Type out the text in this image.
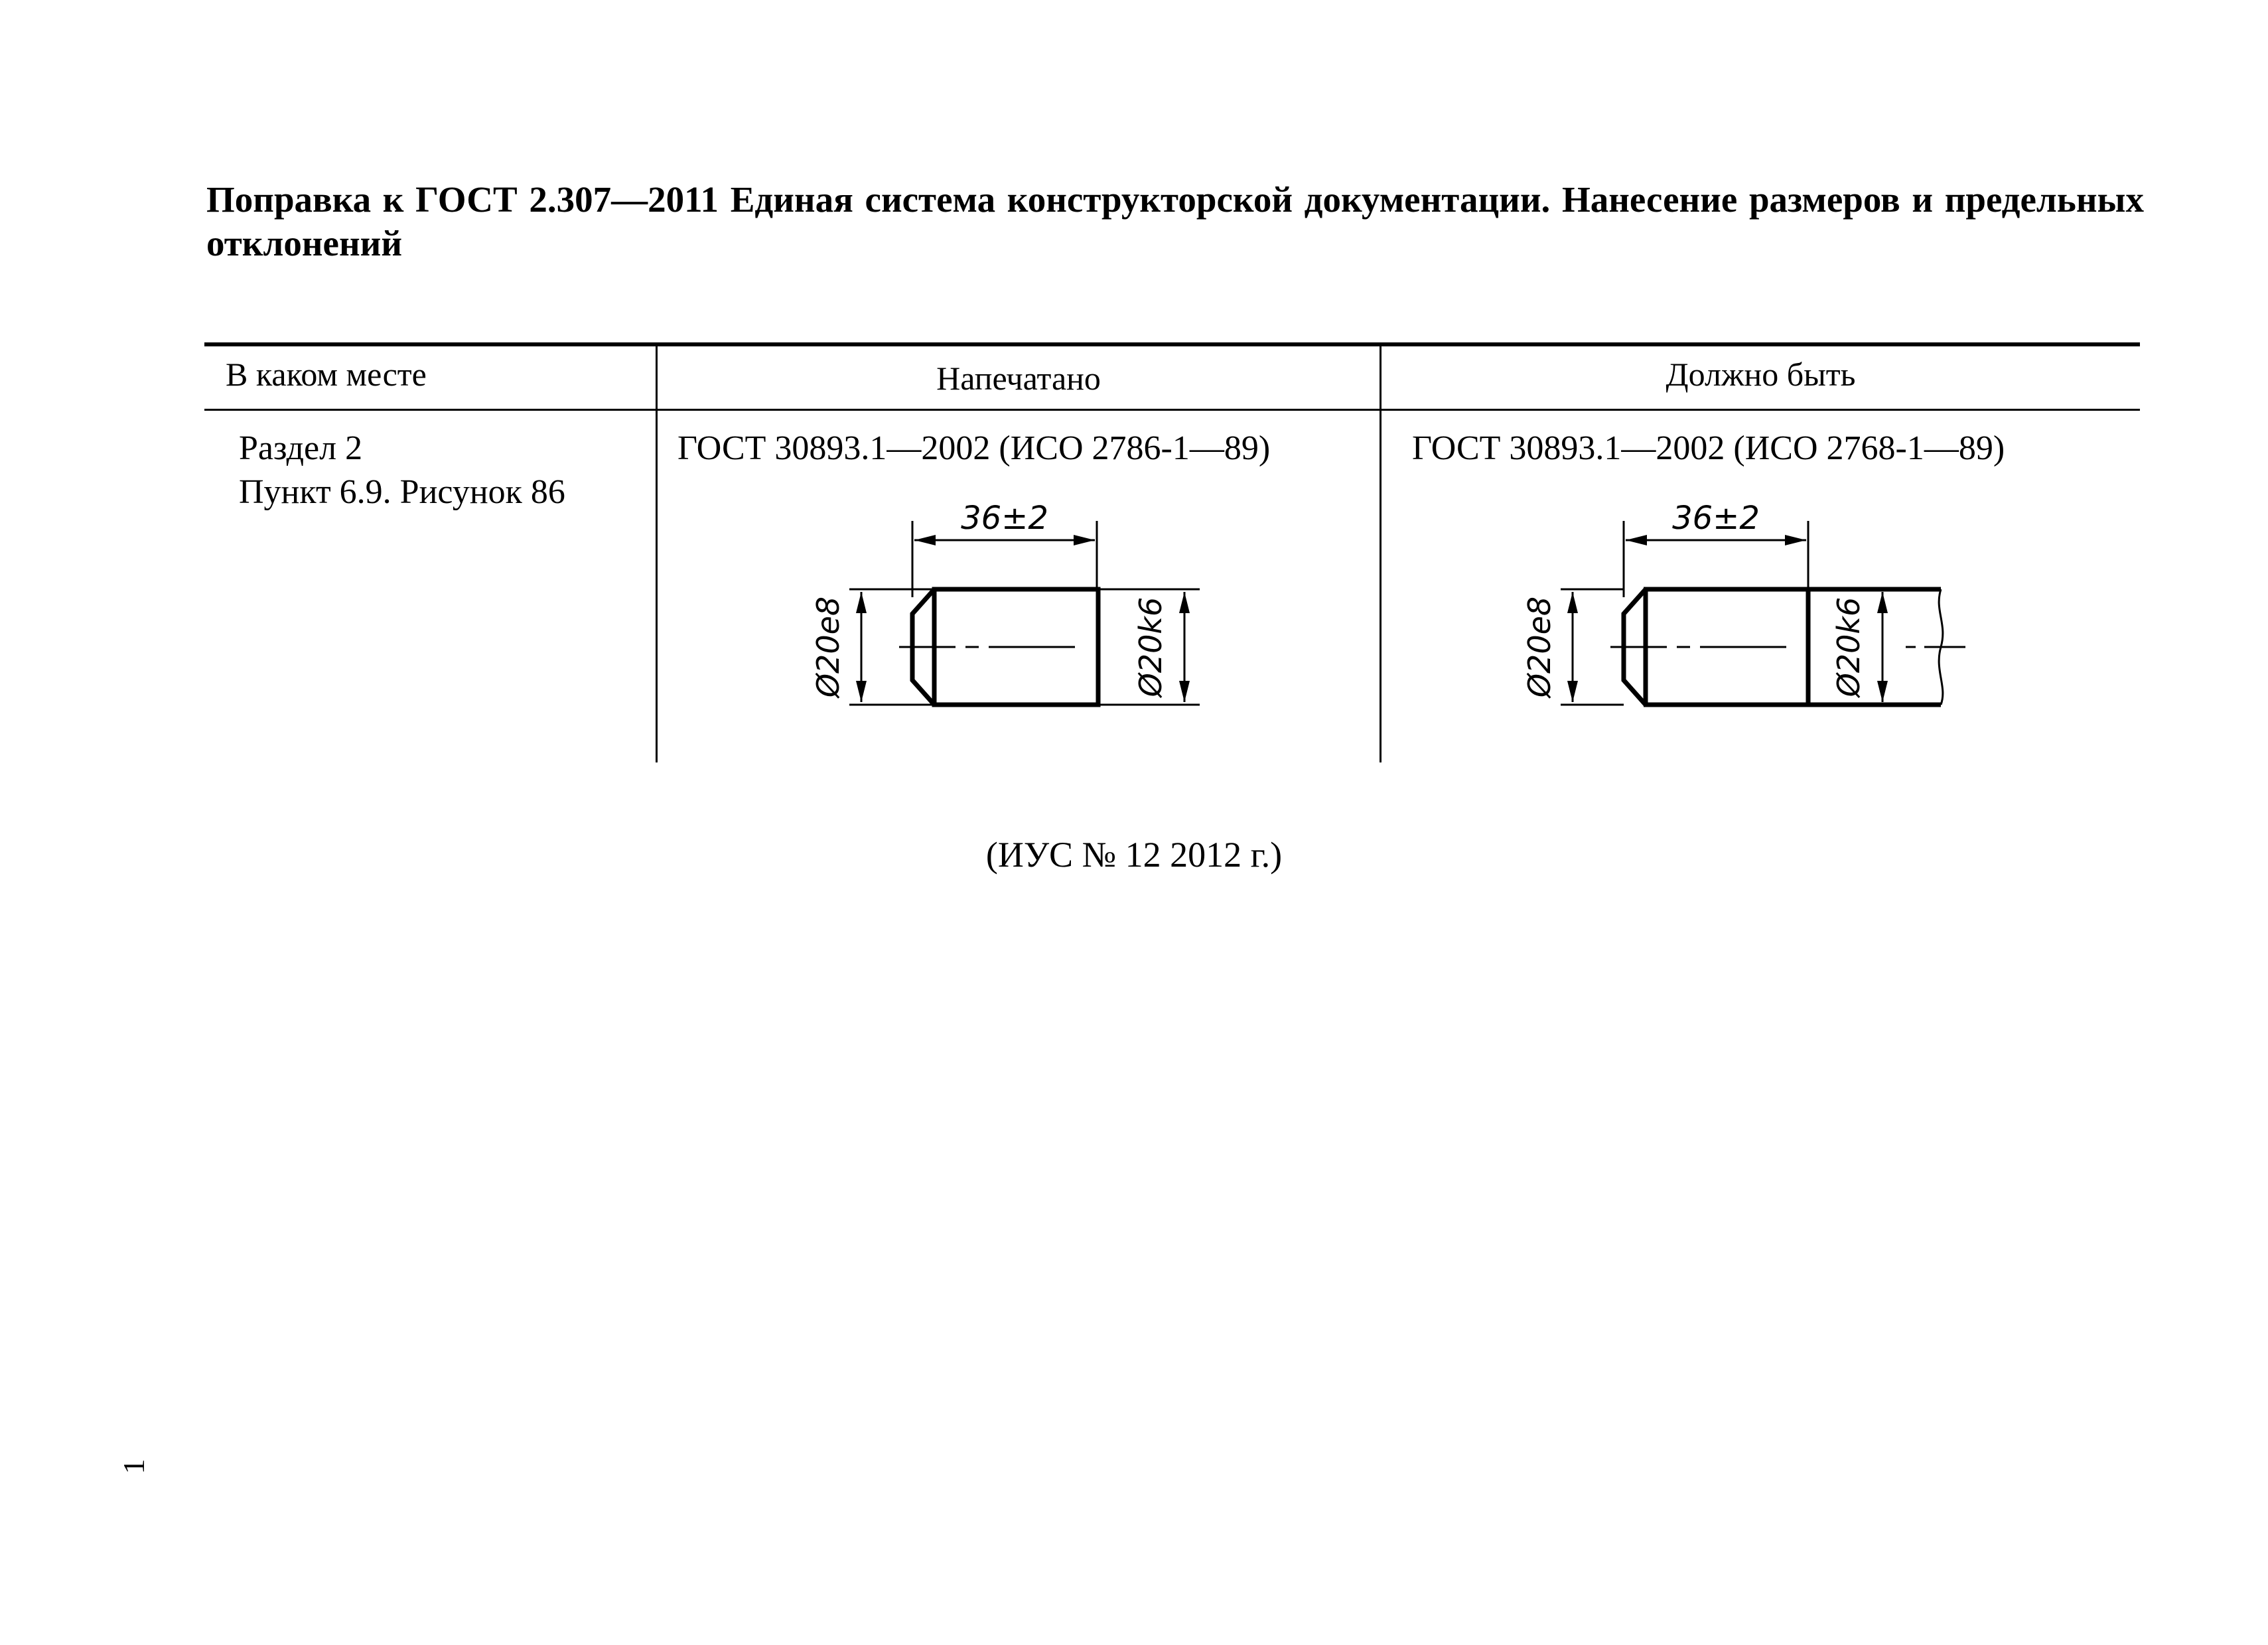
Поправка к ГОСТ 2.307—2011 Единая система конструкторской документации. Нанесение размеров и предельных отклонений

В каком месте	Напечатано	Должно быть
Раздел 2
Пункт 6.9. Рисунок 86
ГОСТ 30893.1—2002 (ИСО 2786-1—89)	ГОСТ 30893.1—2002 (ИСО 2768-1—89)
36±2
Ø20e8	Ø20k6
36±2
Ø20e8	Ø20k6
(ИУС № 12 2012 г.)
1
